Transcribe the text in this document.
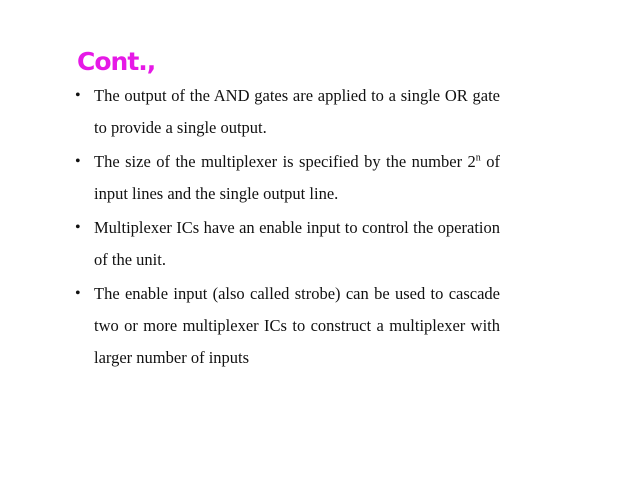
Cont.,
• The output of the AND gates are applied to a single OR gate to provide a single output.
• The size of the multiplexer is specified by the number 2$^n$ of input lines and the single output line.
• Multiplexer ICs have an enable input to control the operation of the unit.
• The enable input (also called strobe) can be used to cascade two or more multiplexer ICs to construct a multiplexer with larger number of inputs
